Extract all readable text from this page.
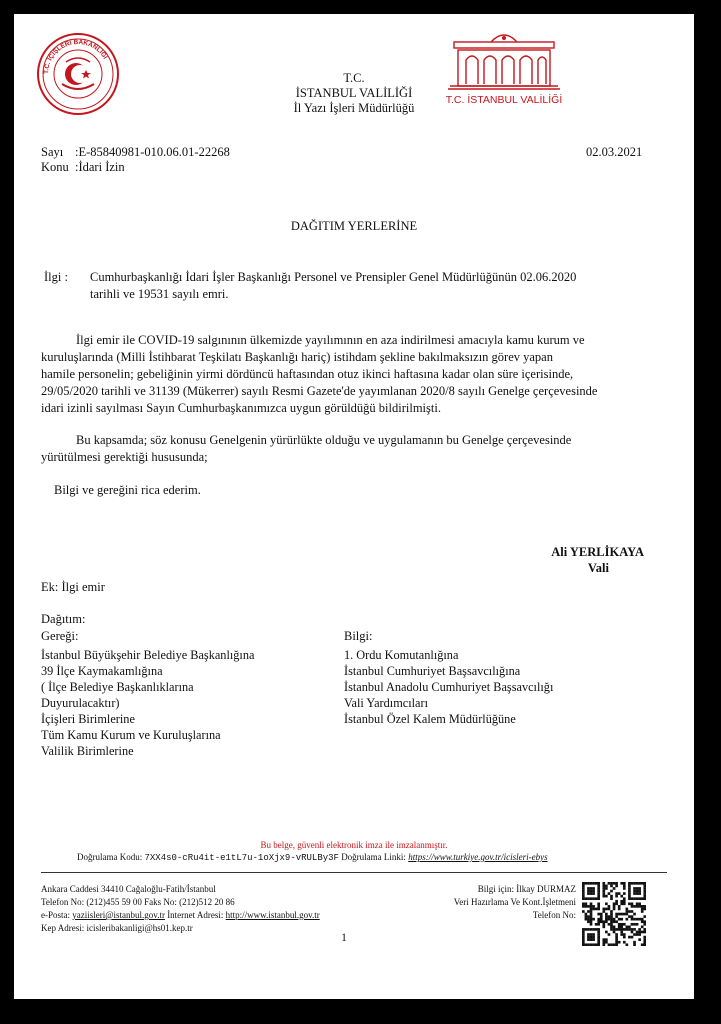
T.C. İÇİŞLERİ BAKANLIĞI
T.C. İSTANBUL VALİLİĞİ
T.C.
İSTANBUL VALİLİĞİ
İl Yazı İşleri Müdürlüğü
Sayı :E-85840981-010.06.01-22268
Konu :İdari İzin
02.03.2021
DAĞITIM YERLERİNE
İlgi : Cumhurbaşkanlığı İdari İşler Başkanlığı Personel ve Prensipler Genel Müdürlüğünün 02.06.2020
tarihli ve 19531 sayılı emri.
İlgi emir ile COVID-19 salgınının ülkemizde yayılımının en aza indirilmesi amacıyla kamu kurum ve
kuruluşlarında (Milli İstihbarat Teşkilatı Başkanlığı hariç) istihdam şekline bakılmaksızın görev yapan
hamile personelin; gebeliğinin yirmi dördüncü haftasından otuz ikinci haftasına kadar olan süre içerisinde,
29/05/2020 tarihli ve 31139 (Mükerrer) sayılı Resmi Gazete'de yayımlanan 2020/8 sayılı Genelge çerçevesinde
idari izinli sayılması Sayın Cumhurbaşkanımızca uygun görüldüğü bildirilmişti.
Bu kapsamda; söz konusu Genelgenin yürürlükte olduğu ve uygulamanın bu Genelge çerçevesinde
yürütülmesi gerektiği hususunda;
Bilgi ve gereğini rica ederim.
Ali YERLİKAYA
Vali
Ek: İlgi emir
Dağıtım:
Gereği:
İstanbul Büyükşehir Belediye Başkanlığına
39 İlçe Kaymakamlığına
( İlçe Belediye Başkanlıklarına
Duyurulacaktır)
İçişleri Birimlerine
Tüm Kamu Kurum ve Kuruluşlarına
Valilik Birimlerine
Bilgi:
1. Ordu Komutanlığına
İstanbul Cumhuriyet Başsavcılığına
İstanbul Anadolu Cumhuriyet Başsavcılığı
Vali Yardımcıları
İstanbul Özel Kalem Müdürlüğüne
Bu belge, güvenli elektronik imza ile imzalanmıştır.
Doğrulama Kodu: 7XX4s0-cRu4it-e1tL7u-1oXjx9-vRULBy3F Doğrulama Linki: https://www.turkiye.gov.tr/icisleri-ebys
Ankara Caddesi 34410 Cağaloğlu-Fatih/İstanbul
Telefon No: (212)455 59 00 Faks No: (212)512 20 86
e-Posta: yaziisleri@istanbul.gov.tr İnternet Adresi: http://www.istanbul.gov.tr
Kep Adresi: icisleribakanligi@hs01.kep.tr
Bilgi için: İlkay DURMAZ
Veri Hazırlama Ve Kont.İşletmeni
Telefon No:
1
